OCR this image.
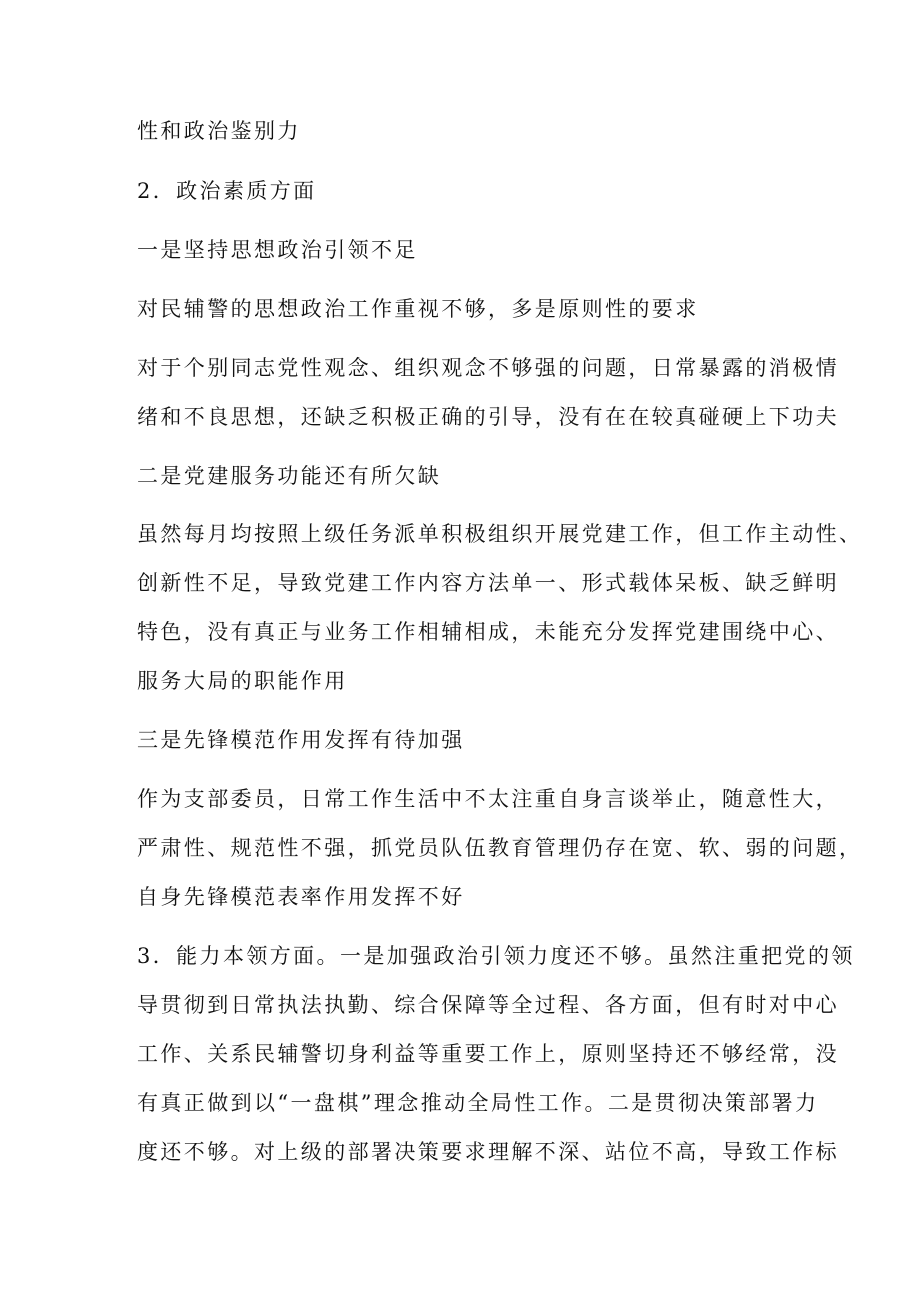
性和政治鉴别力
2．政治素质方面
一是坚持思想政治引领不足
对民辅警的思想政治工作重视不够，多是原则性的要求
对于个别同志党性观念、组织观念不够强的问题，日常暴露的消极情
绪和不良思想，还缺乏积极正确的引导，没有在在较真碰硬上下功夫
二是党建服务功能还有所欠缺
虽然每月均按照上级任务派单积极组织开展党建工作，但工作主动性、
创新性不足，导致党建工作内容方法单一、形式载体呆板、缺乏鲜明
特色，没有真正与业务工作相辅相成，未能充分发挥党建围绕中心、
服务大局的职能作用
三是先锋模范作用发挥有待加强
作为支部委员，日常工作生活中不太注重自身言谈举止，随意性大，
严肃性、规范性不强，抓党员队伍教育管理仍存在宽、软、弱的问题，
自身先锋模范表率作用发挥不好
3．能力本领方面。一是加强政治引领力度还不够。虽然注重把党的领
导贯彻到日常执法执勤、综合保障等全过程、各方面，但有时对中心
工作、关系民辅警切身利益等重要工作上，原则坚持还不够经常，没
有真正做到以“一盘棋”理念推动全局性工作。二是贯彻决策部署力
度还不够。对上级的部署决策要求理解不深、站位不高，导致工作标
